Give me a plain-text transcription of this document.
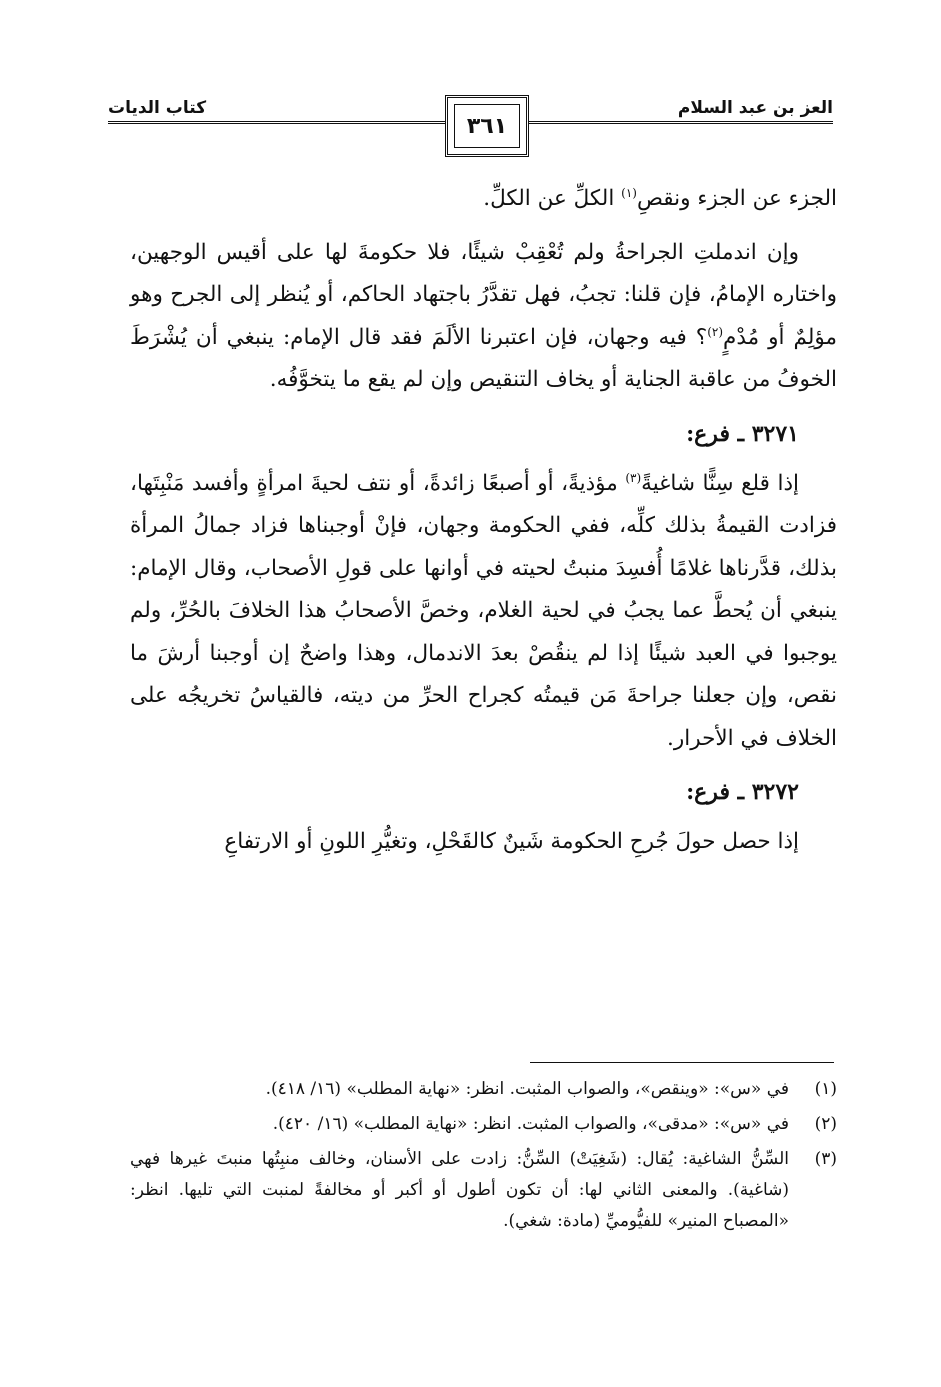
العز بن عبد السلام
كتاب الديات
٣٦١

الجزء عن الجزء ونقصِ$^{(١)}$ الكلِّ عن الكلِّ.

وإن اندملتِ الجراحةُ ولم تُعْقِبْ شيئًا، فلا حكومةَ لها على أقيس الوجهين، واختاره الإمامُ، فإن قلنا: تجبُ، فهل تقدَّرُ باجتهاد الحاكم، أو يُنظر إلى الجرح وهو مؤلِمٌ أو مُدْمٍ$^{(٢)}$؟ فيه وجهان، فإن اعتبرنا الألَمَ فقد قال الإمام: ينبغي أن يُشْرَطَ الخوفُ من عاقبة الجناية أو يخاف التنقيص وإن لم يقع ما يتخوَّفُه.

٣٢٧١ ـ فرع:

إذا قلع سِنًّا شاغيةً$^{(٣)}$ مؤذيةً، أو أصبعًا زائدةً، أو نتف لحيةَ امرأةٍ وأفسد مَنْبِتَها، فزادت القيمةُ بذلك كلِّه، ففي الحكومة وجهان، فإنْ أوجبناها فزاد جمالُ المرأة بذلك، قدَّرناها غلامًا أُفسِدَ منبتُ لحيته في أوانها على قولِ الأصحاب، وقال الإمام: ينبغي أن يُحطَّ عما يجبُ في لحية الغلام، وخصَّ الأصحابُ هذا الخلافَ بالحُرِّ، ولم يوجبوا في العبد شيئًا إذا لم ينقُصْ بعدَ الاندمال، وهذا واضحٌ إن أوجبنا أرشَ ما نقص، وإن جعلنا جراحةَ مَن قيمتُه كجراح الحرِّ من ديته، فالقياسُ تخريجُه على الخلاف في الأحرار.

٣٢٧٢ ـ فرع:

إذا حصل حولَ جُرحِ الحكومة شَينٌ كالقَحْلِ، وتغيُّرِ اللونِ أو الارتفاعِ

(١)
في «س»: «وينقص»، والصواب المثبت. انظر: «نهاية المطلب» (١٦/ ٤١٨).
(٢)
في «س»: «مدقى»، والصواب المثبت. انظر: «نهاية المطلب» (١٦/ ٤٢٠).
(٣)
السِّنُّ الشاغية: يُقال: (شَغِيَتْ) السِّنُّ: زادت على الأسنان، وخالف منبِتُها منبتَ غيرها فهي (شاغية). والمعنى الثاني لها: أن تكون أطول أو أكبر أو مخالفةً لمنبت التي تليها. انظر: «المصباح المنير» للفيُّوميِّ (مادة: شغي).
